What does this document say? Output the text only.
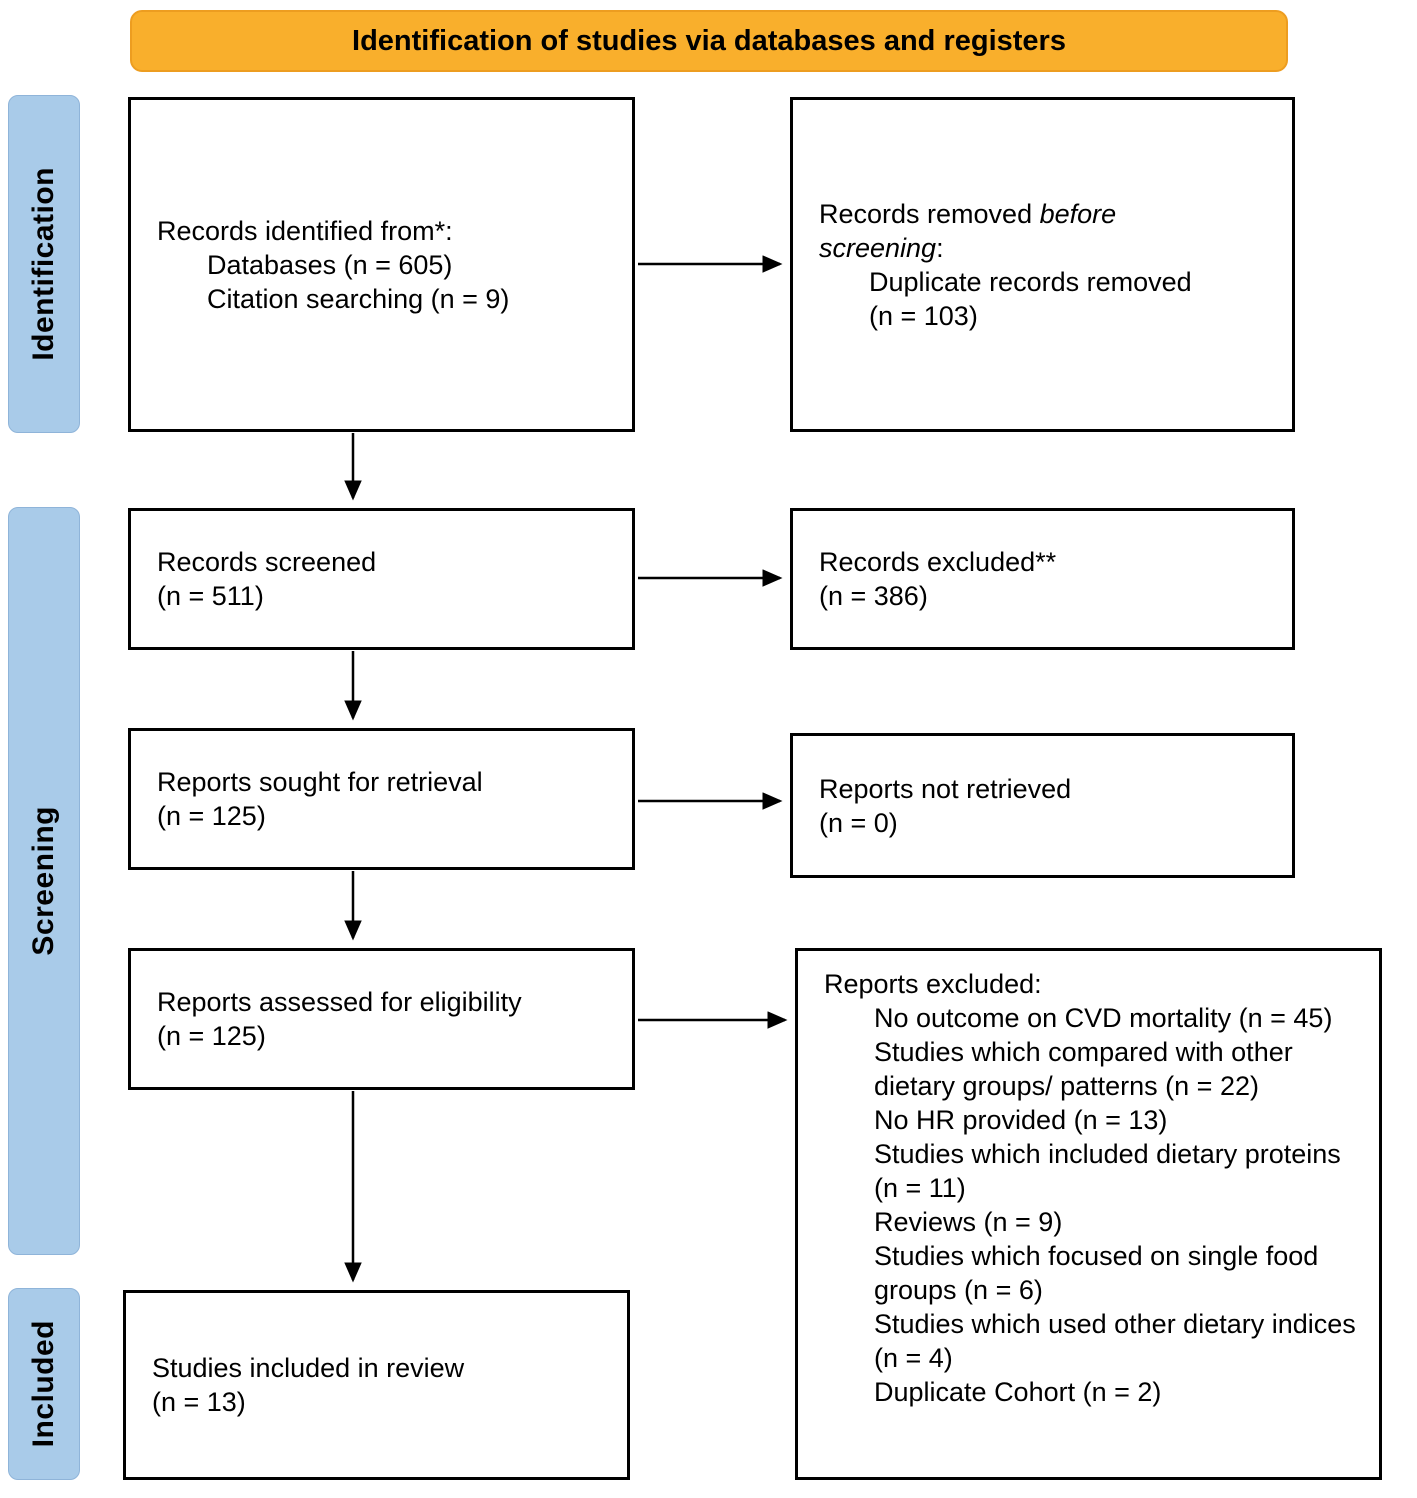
Identification of studies via databases and registers
Identification
Screening
Included
Records identified from*:
Databases (n = 605)
Citation searching (n = 9)
Records removed before
screening:
Duplicate records removed
(n = 103)
Records screened
(n = 511)
Records excluded**
(n = 386)
Reports sought for retrieval
(n = 125)
Reports not retrieved
(n = 0)
Reports assessed for eligibility
(n = 125)
Reports excluded:
No outcome on CVD mortality (n = 45)
Studies which compared with other dietary groups/ patterns (n = 22)
No HR provided (n = 13)
Studies which included dietary proteins (n = 11)
Reviews (n = 9)
Studies which focused on single food groups (n = 6)
Studies which used other dietary indices (n = 4)
Duplicate Cohort (n = 2)
Studies included in review
(n = 13)
